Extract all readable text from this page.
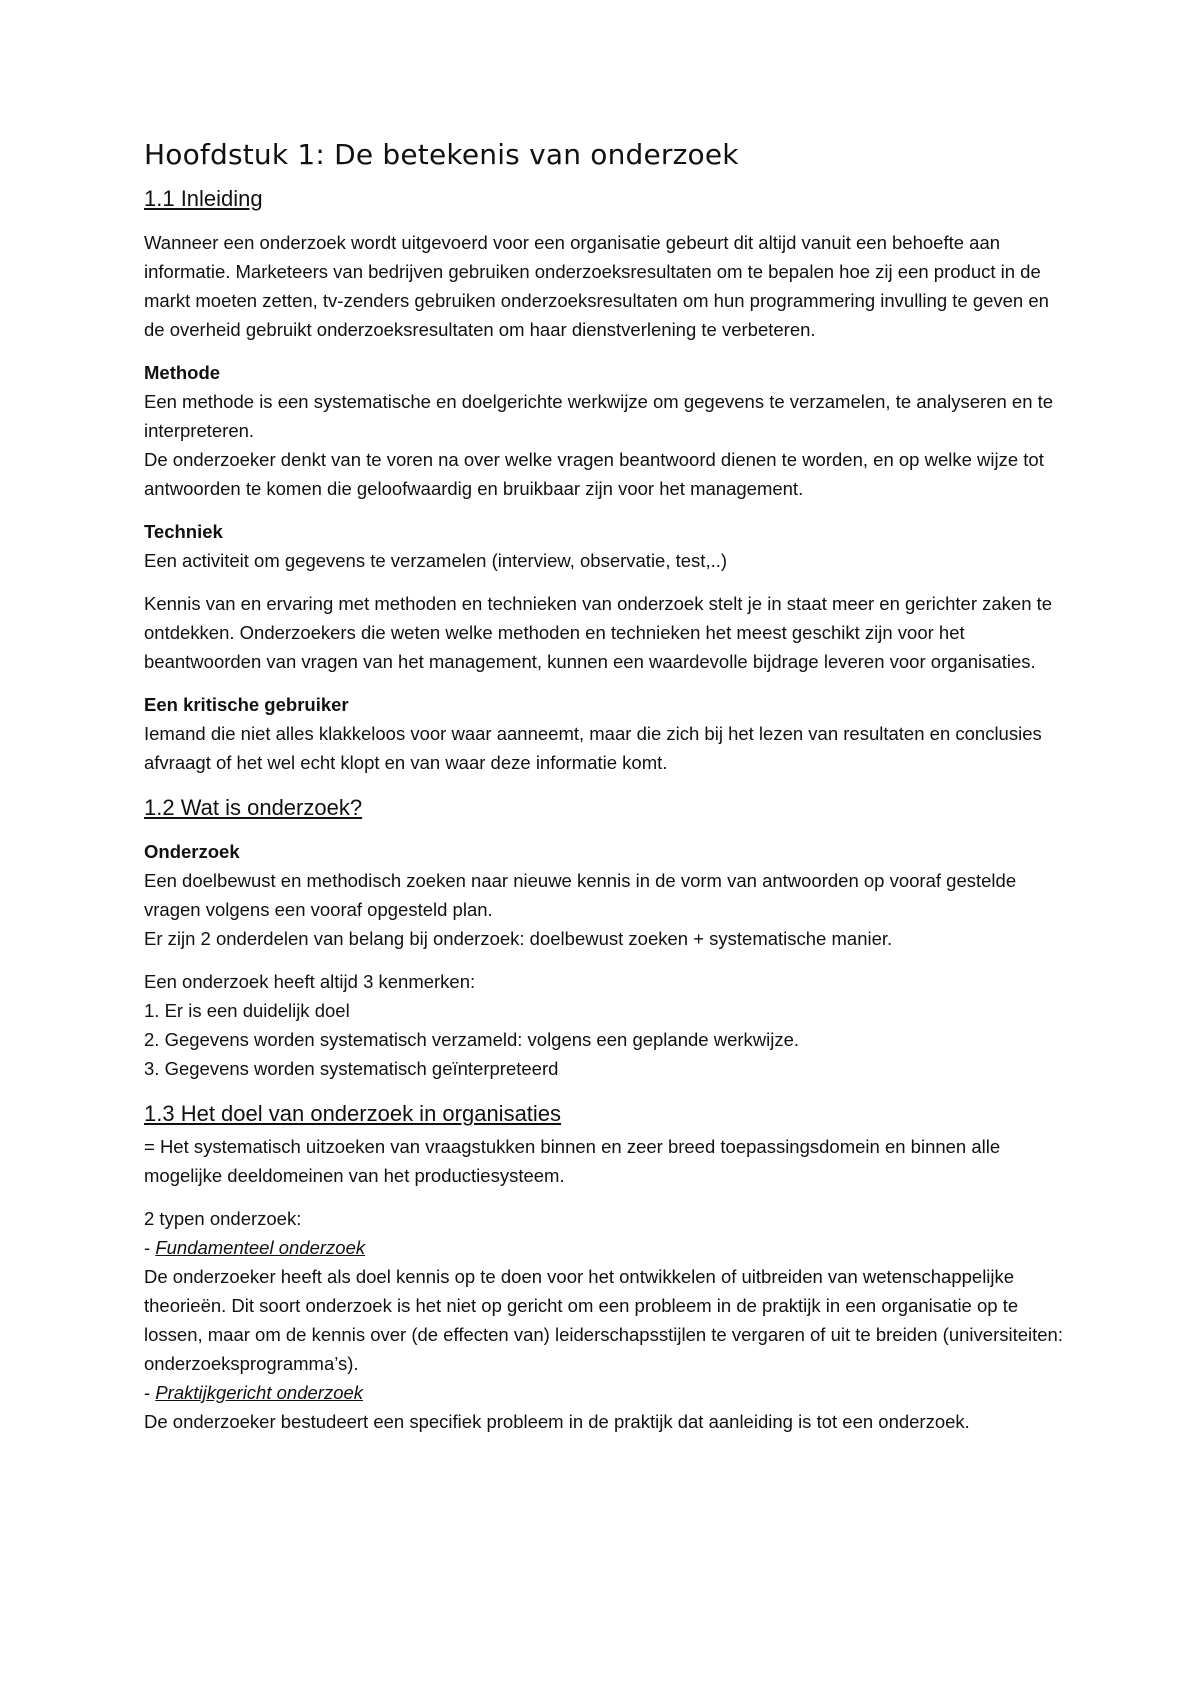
Hoofdstuk 1: De betekenis van onderzoek
1.1 Inleiding

Wanneer een onderzoek wordt uitgevoerd voor een organisatie gebeurt dit altijd vanuit een behoefte aan informatie. Marketeers van bedrijven gebruiken onderzoeksresultaten om te bepalen hoe zij een product in de markt moeten zetten, tv-zenders gebruiken onderzoeksresultaten om hun programmering invulling te geven en de overheid gebruikt onderzoeksresultaten om haar dienstverlening te verbeteren.

Methode
Een methode is een systematische en doelgerichte werkwijze om gegevens te verzamelen, te analyseren en te interpreteren.
De onderzoeker denkt van te voren na over welke vragen beantwoord dienen te worden, en op welke wijze tot antwoorden te komen die geloofwaardig en bruikbaar zijn voor het management.

Techniek
Een activiteit om gegevens te verzamelen (interview, observatie, test,..)

Kennis van en ervaring met methoden en technieken van onderzoek stelt je in staat meer en gerichter zaken te ontdekken. Onderzoekers die weten welke methoden en technieken het meest geschikt zijn voor het beantwoorden van vragen van het management, kunnen een waardevolle bijdrage leveren voor organisaties.

Een kritische gebruiker
Iemand die niet alles klakkeloos voor waar aanneemt, maar die zich bij het lezen van resultaten en conclusies afvraagt of het wel echt klopt en van waar deze informatie komt.

1.2 Wat is onderzoek?

Onderzoek
Een doelbewust en methodisch zoeken naar nieuwe kennis in de vorm van antwoorden op vooraf gestelde vragen volgens een vooraf opgesteld plan.
Er zijn 2 onderdelen van belang bij onderzoek: doelbewust zoeken + systematische manier.

Een onderzoek heeft altijd 3 kenmerken:
1. Er is een duidelijk doel
2. Gegevens worden systematisch verzameld: volgens een geplande werkwijze.
3. Gegevens worden systematisch geïnterpreteerd
1.3 Het doel van onderzoek in organisaties

= Het systematisch uitzoeken van vraagstukken binnen en zeer breed toepassingsdomein en binnen alle mogelijke deeldomeinen van het productiesysteem.

2 typen onderzoek:
- Fundamenteel onderzoek
De onderzoeker heeft als doel kennis op te doen voor het ontwikkelen of uitbreiden van wetenschappelijke theorieën. Dit soort onderzoek is het niet op gericht om een probleem in de praktijk in een organisatie op te lossen, maar om de kennis over (de effecten van) leiderschapsstijlen te vergaren of uit te breiden (universiteiten: onderzoeksprogramma’s).
- Praktijkgericht onderzoek
De onderzoeker bestudeert een specifiek probleem in de praktijk dat aanleiding is tot een onderzoek.
